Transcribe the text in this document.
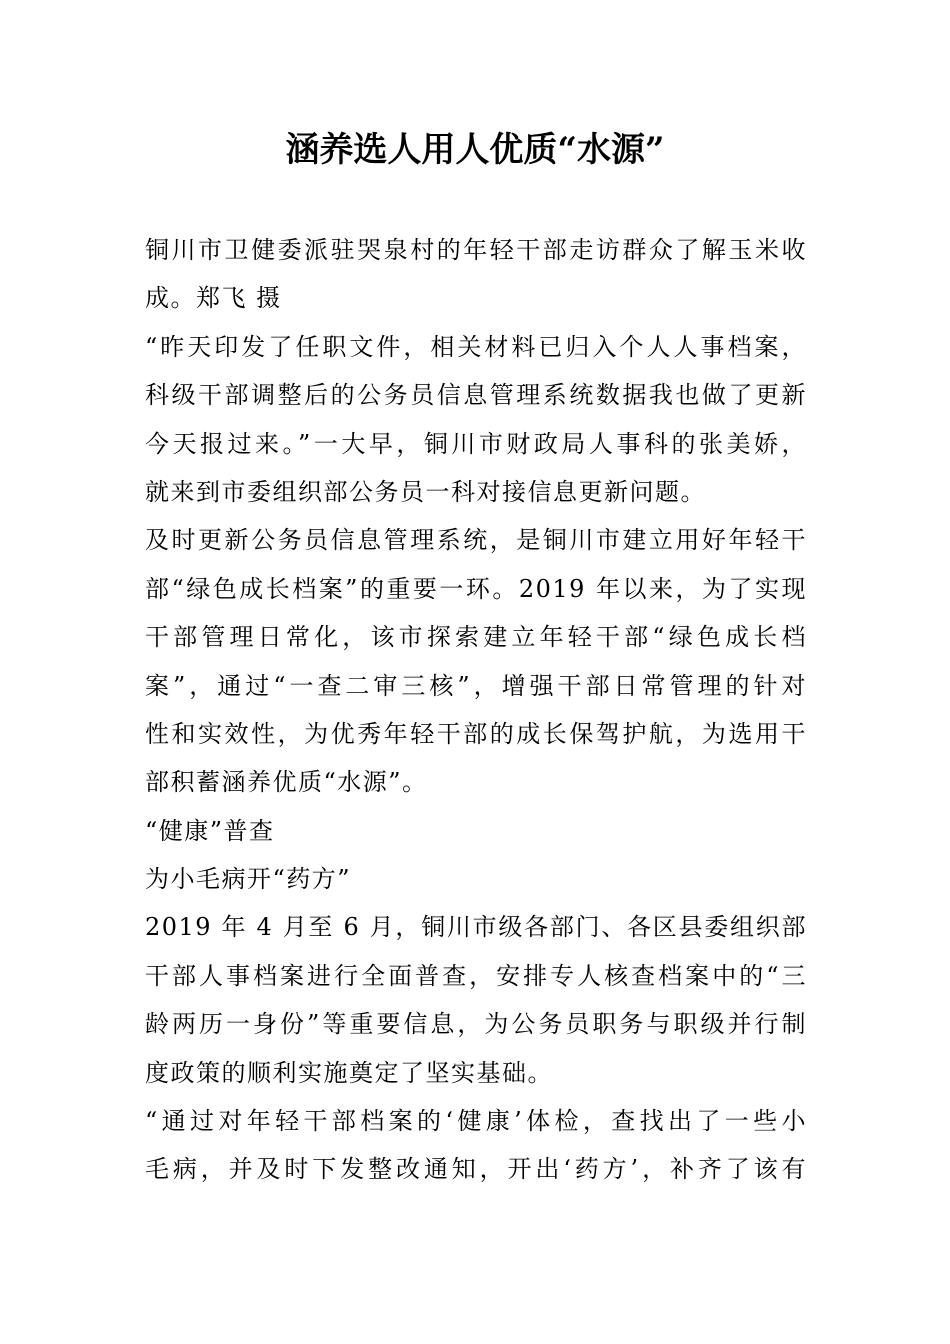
涵养选人用人优质“水源”
铜川市卫健委派驻哭泉村的年轻干部走访群众了解玉米收
成。郑飞 摄
“昨天印发了任职文件，相关材料已归入个人人事档案，
科级干部调整后的公务员信息管理系统数据我也做了更新
今天报过来。”一大早，铜川市财政局人事科的张美娇，
就来到市委组织部公务员一科对接信息更新问题。
及时更新公务员信息管理系统，是铜川市建立用好年轻干
部“绿色成长档案”的重要一环。2019 年以来，为了实现
干部管理日常化，该市探索建立年轻干部“绿色成长档
案”，通过“一查二审三核”，增强干部日常管理的针对
性和实效性，为优秀年轻干部的成长保驾护航，为选用干
部积蓄涵养优质“水源”。
“健康”普查
为小毛病开“药方”
2019 年 4 月至 6 月，铜川市级各部门、各区县委组织部
干部人事档案进行全面普查，安排专人核查档案中的“三
龄两历一身份”等重要信息，为公务员职务与职级并行制
度政策的顺利实施奠定了坚实基础。
“通过对年轻干部档案的‘健康’体检，查找出了一些小
毛病，并及时下发整改通知，开出‘药方’，补齐了该有
